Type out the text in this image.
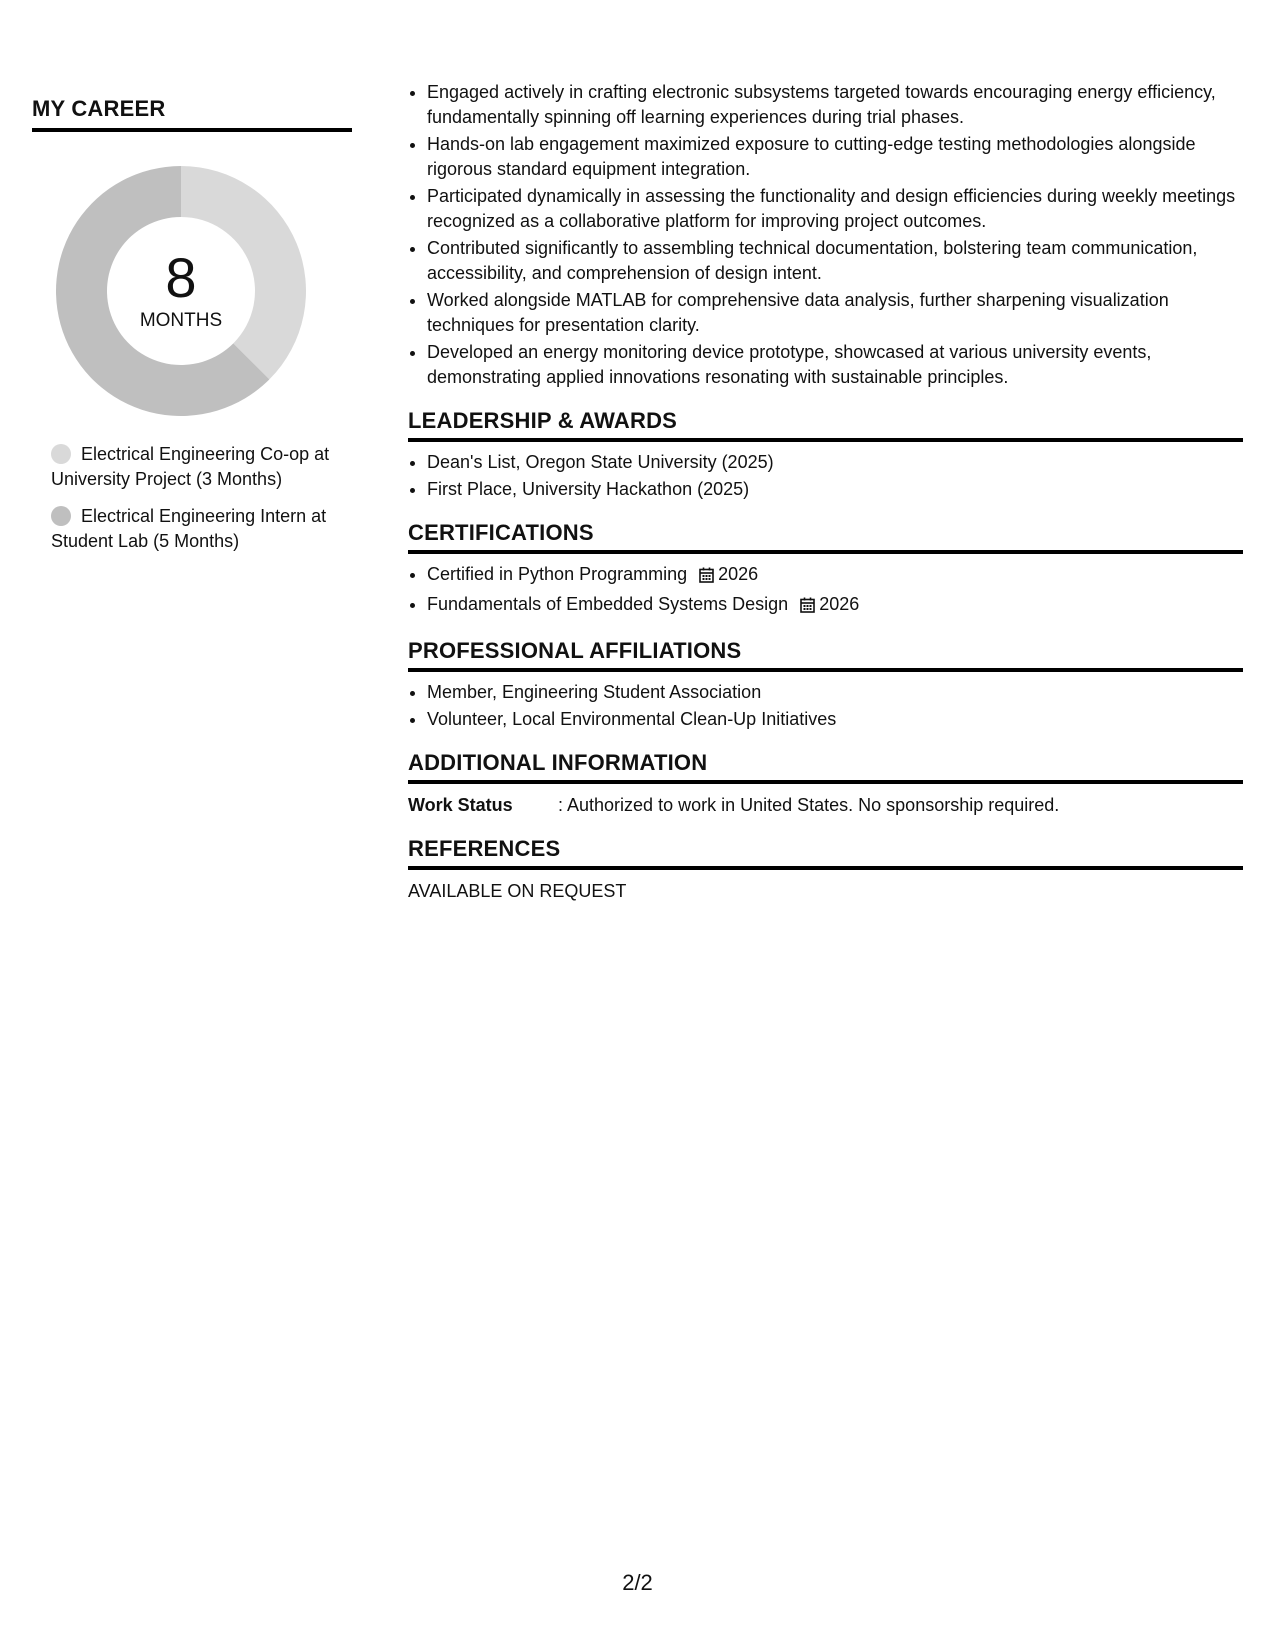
MY CAREER
8
MONTHS
Electrical Engineering Co-op at University Project (3 Months)
Electrical Engineering Intern at Student Lab (5 Months)
• Engaged actively in crafting electronic subsystems targeted towards encouraging energy efficiency, fundamentally spinning off learning experiences during trial phases.
• Hands-on lab engagement maximized exposure to cutting-edge testing methodologies alongside rigorous standard equipment integration.
• Participated dynamically in assessing the functionality and design efficiencies during weekly meetings recognized as a collaborative platform for improving project outcomes.
• Contributed significantly to assembling technical documentation, bolstering team communication, accessibility, and comprehension of design intent.
• Worked alongside MATLAB for comprehensive data analysis, further sharpening visualization techniques for presentation clarity.
• Developed an energy monitoring device prototype, showcased at various university events, demonstrating applied innovations resonating with sustainable principles.
LEADERSHIP & AWARDS
• Dean's List, Oregon State University (2025)
• First Place, University Hackathon (2025)
CERTIFICATIONS
• Certified in Python Programming 2026
• Fundamentals of Embedded Systems Design 2026
PROFESSIONAL AFFILIATIONS
• Member, Engineering Student Association
• Volunteer, Local Environmental Clean-Up Initiatives
ADDITIONAL INFORMATION
Work Status	: Authorized to work in United States. No sponsorship required.
REFERENCES
AVAILABLE ON REQUEST
2/2
